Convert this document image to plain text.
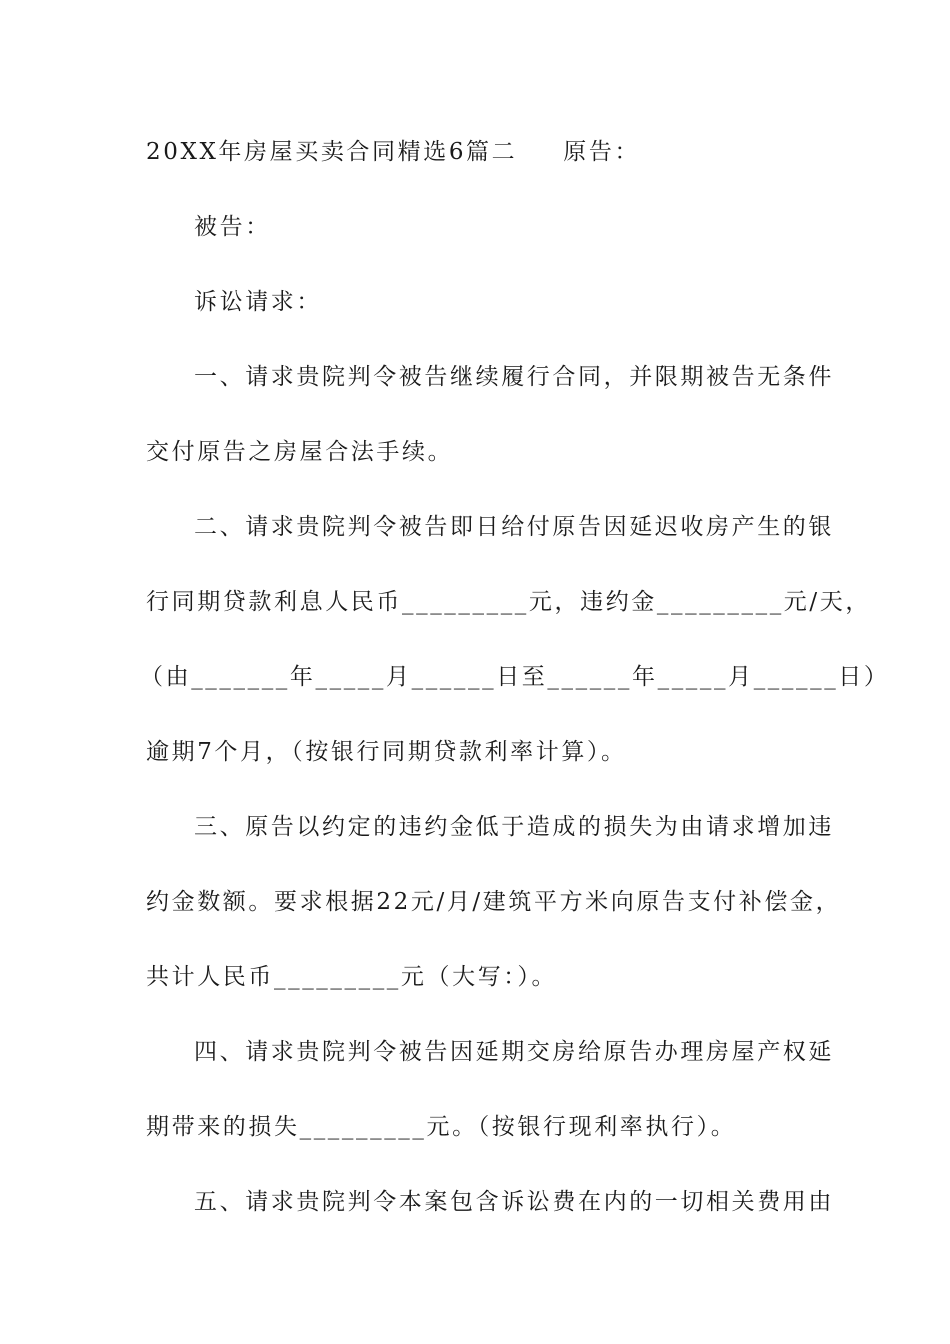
20XX年房屋买卖合同精选6篇二 原告：
被告：
诉讼请求：
一、请求贵院判令被告继续履行合同，并限期被告无条件
交付原告之房屋合法手续。
二、请求贵院判令被告即日给付原告因延迟收房产生的银
行同期贷款利息人民币_________元，违约金_________元/天，
（由_______年_____月______日至______年_____月______日）
逾期7个月，（按银行同期贷款利率计算）。
三、原告以约定的违约金低于造成的损失为由请求增加违
约金数额。要求根据22元/月/建筑平方米向原告支付补偿金，
共计人民币_________元（大写：）。
四、请求贵院判令被告因延期交房给原告办理房屋产权延
期带来的损失_________元。（按银行现利率执行）。
五、请求贵院判令本案包含诉讼费在内的一切相关费用由
